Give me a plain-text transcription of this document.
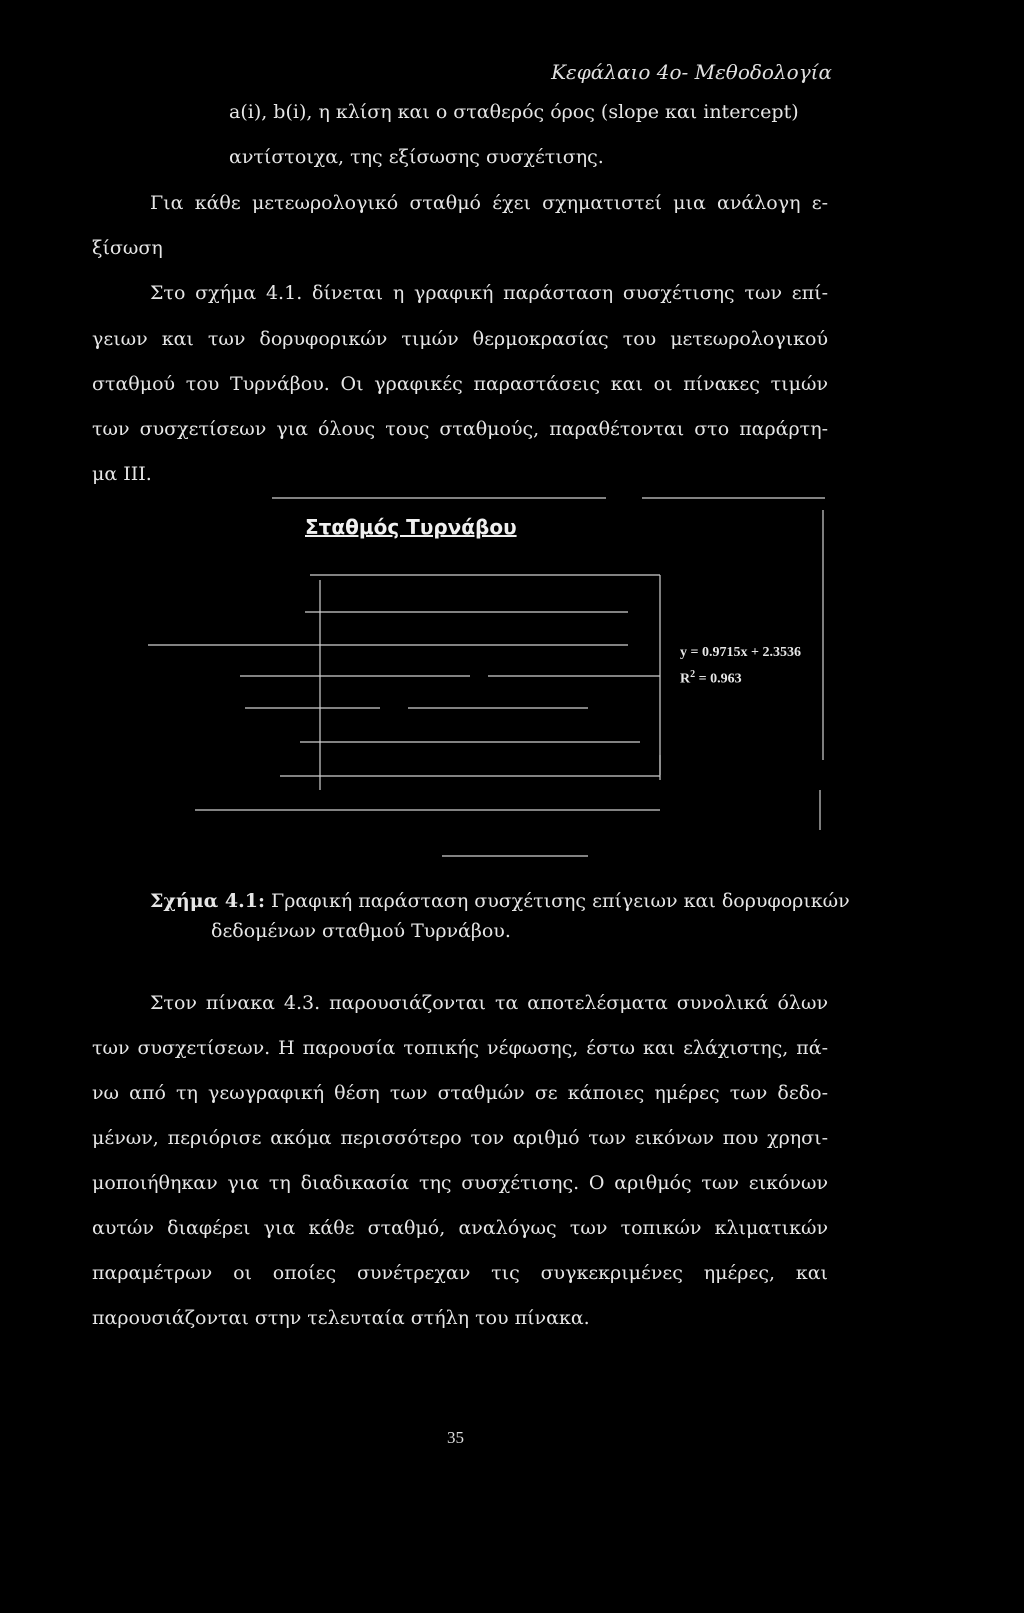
Κεφάλαιο 4ο- Μεθοδολογία
a(i), b(i), η κλίση και ο σταθερός όρος (slope και intercept)
αντίστοιχα, της εξίσωσης συσχέτισης.
Για κάθε μετεωρολογικό σταθμό έχει σχηματιστεί μια ανάλογη ε-
ξίσωση
Στο σχήμα 4.1. δίνεται η γραφική παράσταση συσχέτισης των επί-
γειων και των δορυφορικών τιμών θερμοκρασίας του μετεωρολογικού
σταθμού του Τυρνάβου. Οι γραφικές παραστάσεις και οι πίνακες τιμών
των συσχετίσεων για όλους τους σταθμούς, παραθέτονται στο παράρτη-
μα ΙΙΙ.
Σταθμός Τυρνάβου
y = 0.9715x + 2.3536
$R^2 = 0.963$
Σχήμα 4.1: Γραφική παράσταση συσχέτισης επίγειων και δορυφορικών
δεδομένων σταθμού Τυρνάβου.
Στον πίνακα 4.3. παρουσιάζονται τα αποτελέσματα συνολικά όλων
των συσχετίσεων. Η παρουσία τοπικής νέφωσης, έστω και ελάχιστης, πά-
νω από τη γεωγραφική θέση των σταθμών σε κάποιες ημέρες των δεδο-
μένων, περιόρισε ακόμα περισσότερο τον αριθμό των εικόνων που χρησι-
μοποιήθηκαν για τη διαδικασία της συσχέτισης. Ο αριθμός των εικόνων
αυτών διαφέρει για κάθε σταθμό, αναλόγως των τοπικών κλιματικών
παραμέτρων οι οποίες συνέτρεχαν τις συγκεκριμένες ημέρες, και
παρουσιάζονται στην τελευταία στήλη του πίνακα.
35
